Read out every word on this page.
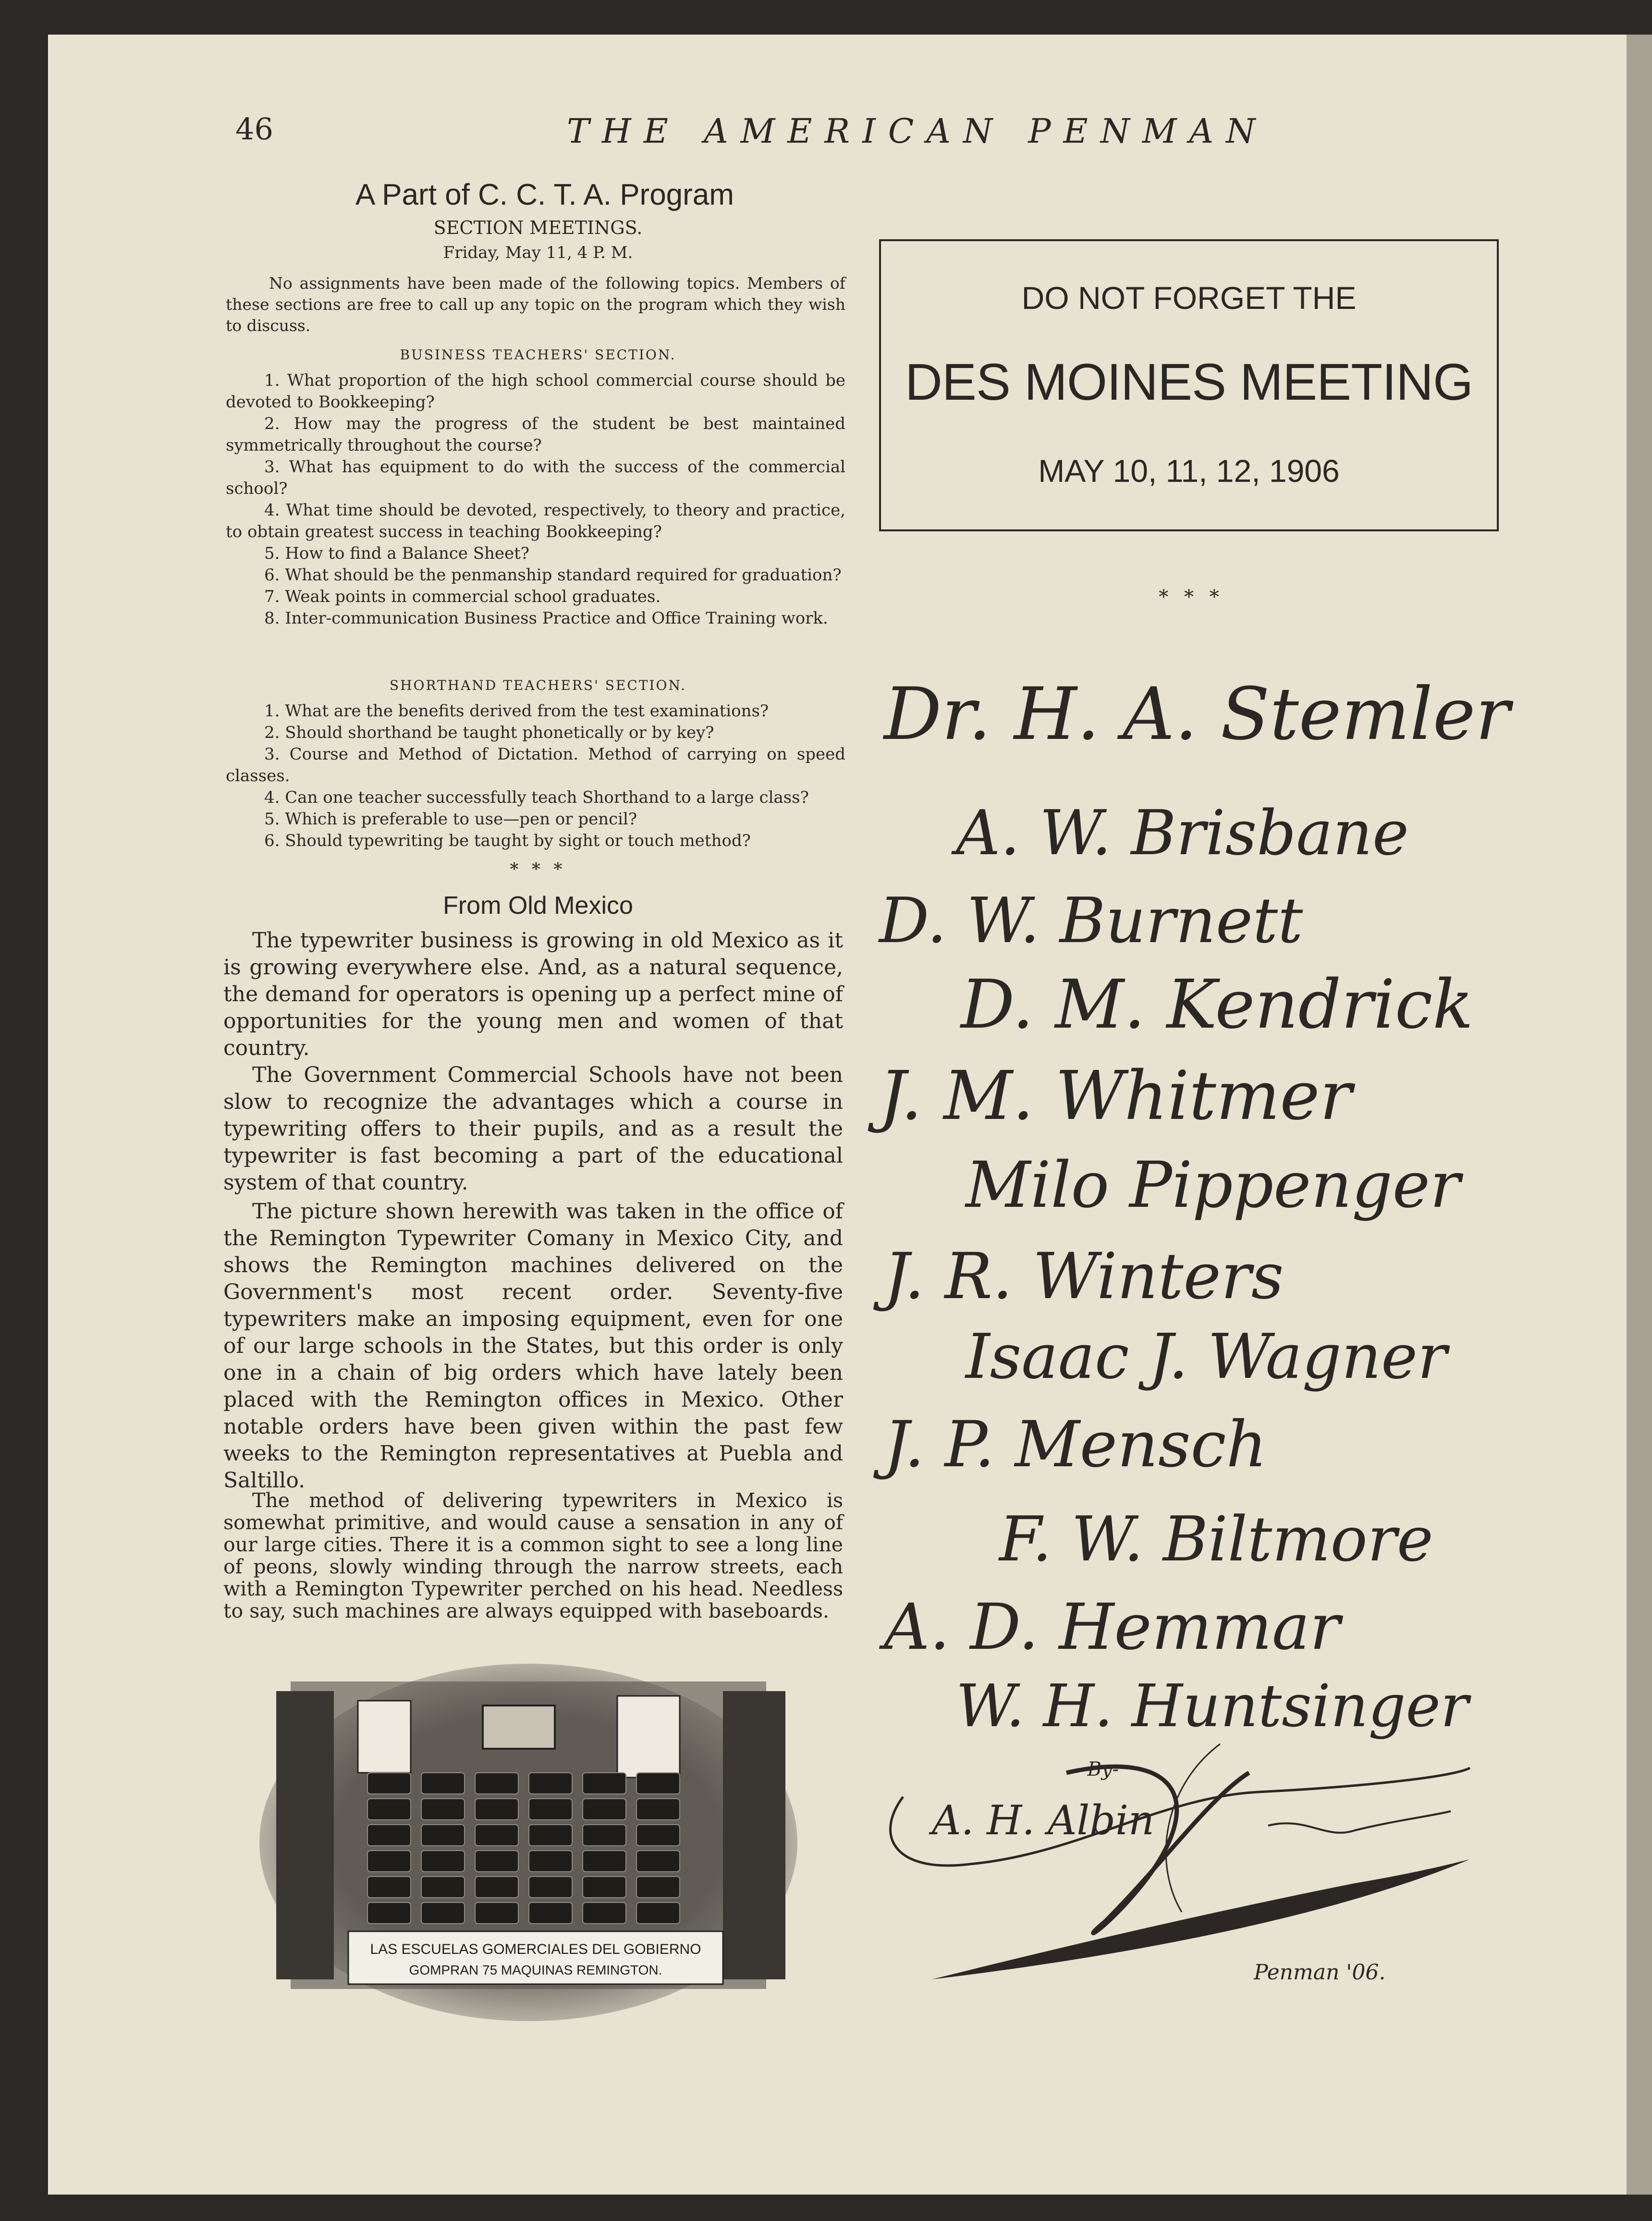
46	THE AMERICAN PENMAN
A Part of C. C. T. A. Program
SECTION MEETINGS.
Friday, May 11, 4 P. M.

No assignments have been made of the following topics. Members of these sections are free to call up any topic on the program which they wish to discuss.

BUSINESS TEACHERS' SECTION.
1. What proportion of the high school commercial course should be devoted to Bookkeeping?
2. How may the progress of the student be best maintained symmetrically throughout the course?
3. What has equipment to do with the success of the commercial school?
4. What time should be devoted, respectively, to theory and practice, to obtain greatest success in teaching Bookkeeping?
5. How to find a Balance Sheet?
6. What should be the penmanship standard required for graduation?
7. Weak points in commercial school graduates.
8. Inter-communication Business Practice and Office Training work.
SHORTHAND TEACHERS' SECTION.
1. What are the benefits derived from the test examinations?
2. Should shorthand be taught phonetically or by key?
3. Course and Method of Dictation. Method of carrying on speed classes.
4. Can one teacher successfully teach Shorthand to a large class?
5. Which is preferable to use—pen or pencil?
6. Should typewriting be taught by sight or touch method?
* * *
From Old Mexico

The typewriter business is growing in old Mexico as it is growing everywhere else. And, as a natural sequence, the demand for operators is opening up a perfect mine of opportunities for the young men and women of that country.

The Government Commercial Schools have not been slow to recognize the advantages which a course in typewriting offers to their pupils, and as a result the typewriter is fast becoming a part of the educational system of that country.

The picture shown herewith was taken in the office of the Remington Typewriter Comany in Mexico City, and shows the Remington machines delivered on the Government's most recent order. Seventy-five typewriters make an imposing equipment, even for one of our large schools in the States, but this order is only one in a chain of big orders which have lately been placed with the Remington offices in Mexico. Other notable orders have been given within the past few weeks to the Remington representatives at Puebla and Saltillo.

The method of delivering typewriters in Mexico is somewhat primitive, and would cause a sensation in any of our large cities. There it is a common sight to see a long line of peons, slowly winding through the narrow streets, each with a Remington Typewriter perched on his head. Needless to say, such machines are always equipped with baseboards.

LAS ESCUELAS GOMERCIALES DEL GOBIERNO
GOMPRAN 75 MAQUINAS REMINGTON.
DO NOT FORGET THE
DES MOINES MEETING
MAY 10, 11, 12, 1906
* * *
Dr. H. A. Stemler
A. W. Brisbane
D. W. Burnett
D. M. Kendrick
J. M. Whitmer
Milo Pippenger
J. R. Winters
Isaac J. Wagner
J. P. Mensch
F. W. Biltmore
A. D. Hemmar
W. H. Huntsinger
-By-
A. H. Albin
Penman '06.
